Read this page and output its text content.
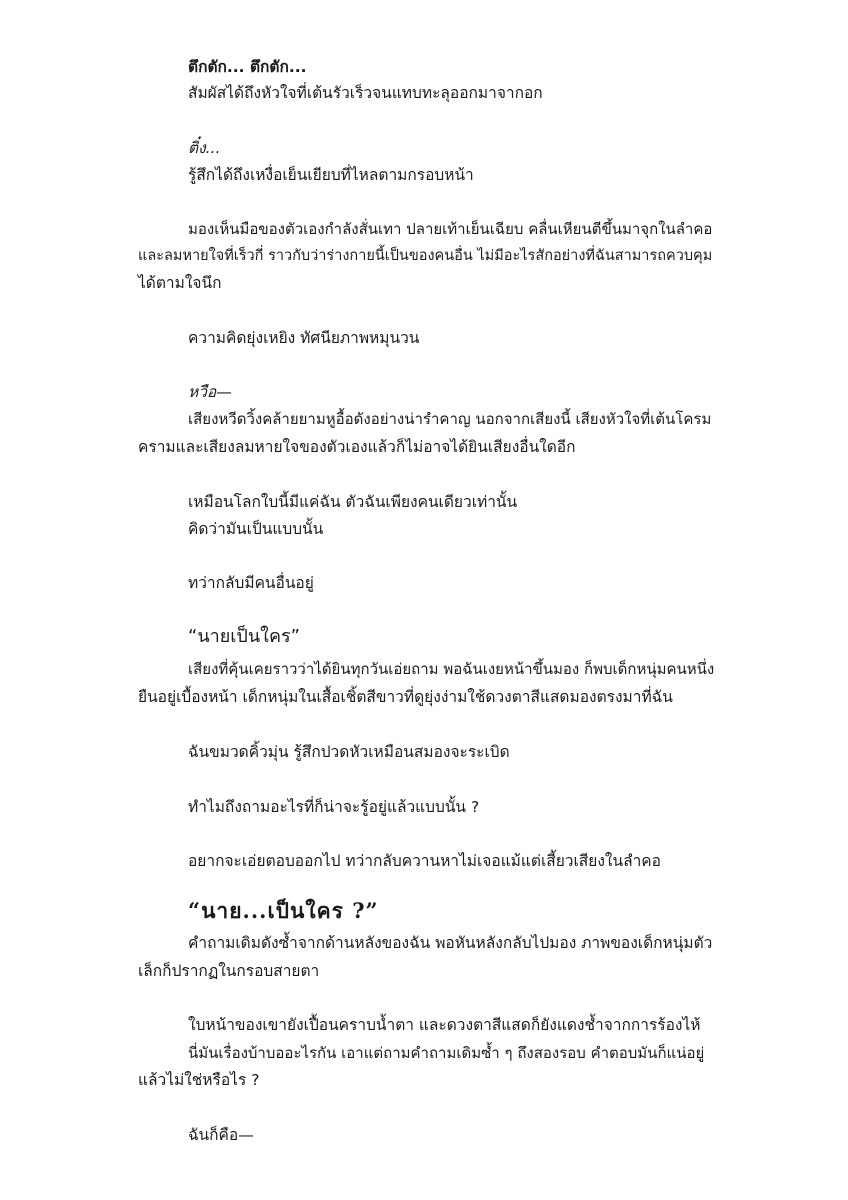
ตึกตัก... ตึกตัก...
สัมผัสได้ถึงหัวใจที่เต้นรัวเร็วจนแทบทะลุออกมาจากอก
ติ๋ง...
รู้สึกได้ถึงเหงื่อเย็นเยียบที่ไหลตามกรอบหน้า
มองเห็นมือของตัวเองกำลังสั่นเทา ปลายเท้าเย็นเฉียบ คลื่นเหียนตีขึ้นมาจุกในลำคอ
และลมหายใจที่เร็วกี่ ราวกับว่าร่างกายนี้เป็นของคนอื่น ไม่มีอะไรสักอย่างที่ฉันสามารถควบคุม
ได้ตามใจนึก
ความคิดยุ่งเหยิง ทัศนียภาพหมุนวน
หวือ—
เสียงหวีดวิ้งคล้ายยามหูอื้อดังอย่างน่ารำคาญ นอกจากเสียงนี้ เสียงหัวใจที่เต้นโครม
ครามและเสียงลมหายใจของตัวเองแล้วก็ไม่อาจได้ยินเสียงอื่นใดอีก
เหมือนโลกใบนี้มีแค่ฉัน ตัวฉันเพียงคนเดียวเท่านั้น
คิดว่ามันเป็นแบบนั้น
ทว่ากลับมีคนอื่นอยู่
“นายเป็นใคร”
เสียงที่คุ้นเคยราวว่าได้ยินทุกวันเอ่ยถาม พอฉันเงยหน้าขึ้นมอง ก็พบเด็กหนุ่มคนหนึ่ง
ยืนอยู่เบื้องหน้า เด็กหนุ่มในเสื้อเชิ้ตสีขาวที่ดูยุ่งง่ามใช้ดวงตาสีแสดมองตรงมาที่ฉัน
ฉันขมวดคิ้วมุ่น รู้สึกปวดหัวเหมือนสมองจะระเบิด
ทำไมถึงถามอะไรที่ก็น่าจะรู้อยู่แล้วแบบนั้น ?
อยากจะเอ่ยตอบออกไป ทว่ากลับควานหาไม่เจอแม้แต่เสี้ยวเสียงในลำคอ
“นาย...เป็นใคร ?”
คำถามเดิมดังซ้ำจากด้านหลังของฉัน พอหันหลังกลับไปมอง ภาพของเด็กหนุ่มตัว
เล็กก็ปรากฏในกรอบสายตา
ใบหน้าของเขายังเปื้อนคราบน้ำตา และดวงตาสีแสดก็ยังแดงช้ำจากการร้องไห้
นี่มันเรื่องบ้าบออะไรกัน เอาแต่ถามคำถามเดิมซ้ำ ๆ ถึงสองรอบ คำตอบมันก็แน่อยู่
แล้วไม่ใช่หรือไร ?
ฉันก็คือ—
